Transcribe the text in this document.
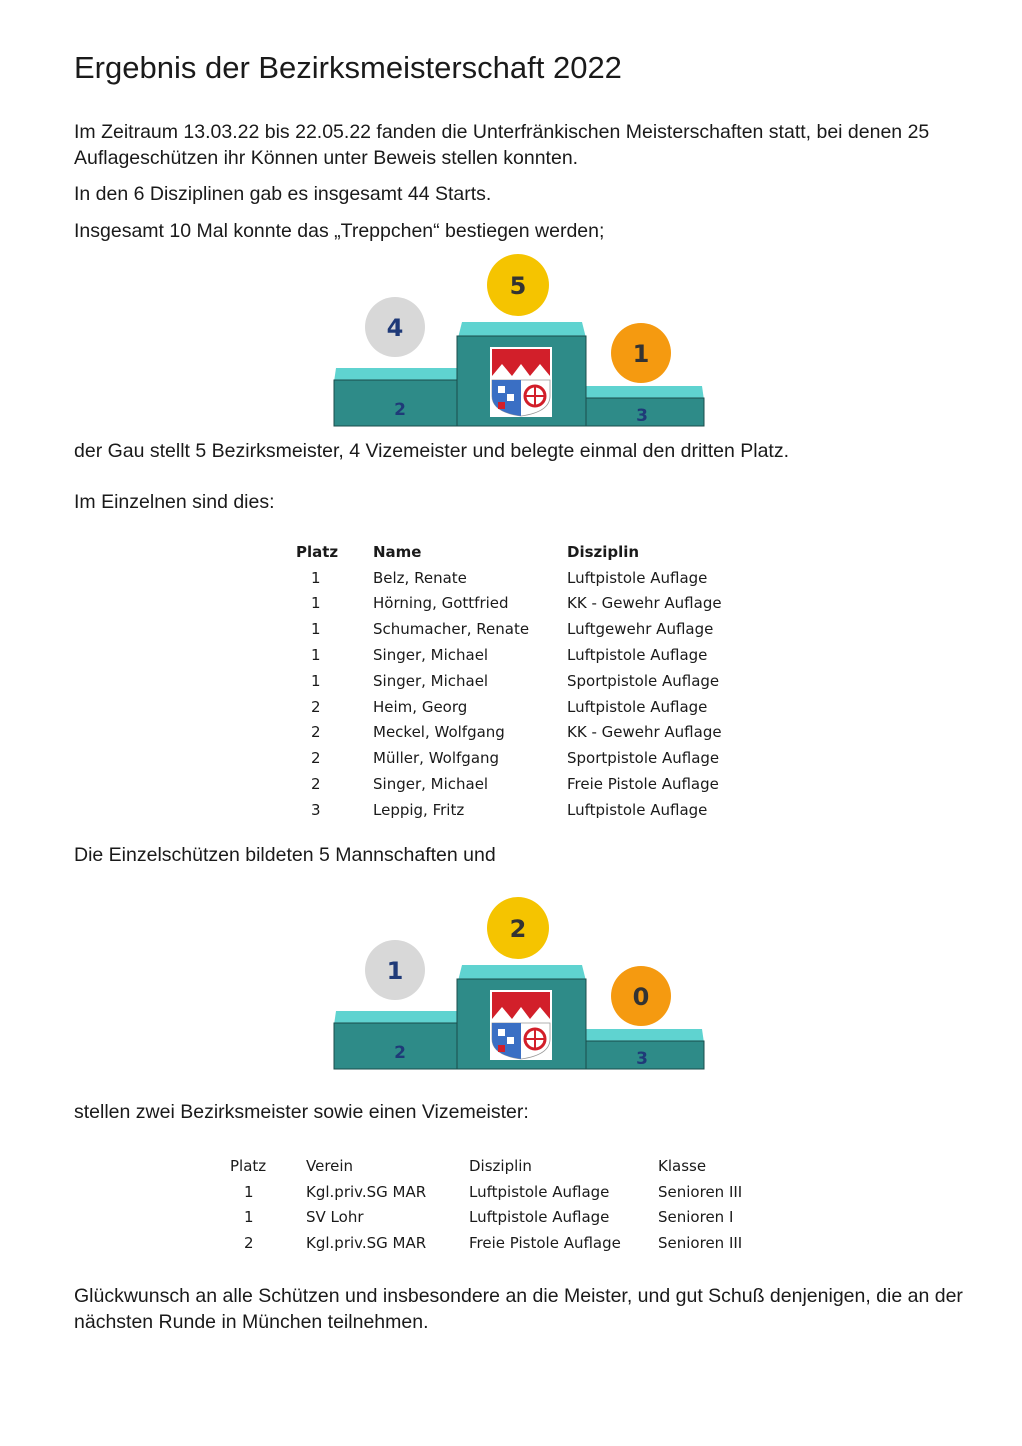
Ergebnis der Bezirksmeisterschaft 2022

Im Zeitraum 13.03.22 bis 22.05.22 fanden die Unterfränkischen Meisterschaften statt, bei denen 25 Auflageschützen ihr Können unter Beweis stellen konnten.

In den 6 Disziplinen gab es insgesamt 44 Starts.

Insgesamt 10 Mal konnte das „Treppchen“ bestiegen werden;

5
4
1
2	3

der Gau stellt 5 Bezirksmeister, 4 Vizemeister und belegte einmal den dritten Platz.

Im Einzelnen sind dies:

Platz	Name	Disziplin
1	Belz, Renate	Luftpistole Auflage
1	Hörning, Gottfried	KK - Gewehr Auflage
1	Schumacher, Renate	Luftgewehr Auflage
1	Singer, Michael	Luftpistole Auflage
1	Singer, Michael	Sportpistole Auflage
2	Heim, Georg	Luftpistole Auflage
2	Meckel, Wolfgang	KK - Gewehr Auflage
2	Müller, Wolfgang	Sportpistole Auflage
2	Singer, Michael	Freie Pistole Auflage
3	Leppig, Fritz	Luftpistole Auflage

Die Einzelschützen bildeten 5 Mannschaften und

2
1
0
2	3

stellen zwei Bezirksmeister sowie einen Vizemeister:

Platz	Verein	Disziplin	Klasse
1	Kgl.priv.SG MAR	Luftpistole Auflage	Senioren III
1	SV Lohr	Luftpistole Auflage	Senioren I
2	Kgl.priv.SG MAR	Freie Pistole Auflage	Senioren III

Glückwunsch an alle Schützen und insbesondere an die Meister, und gut Schuß denjenigen, die an der nächsten Runde in München teilnehmen.
